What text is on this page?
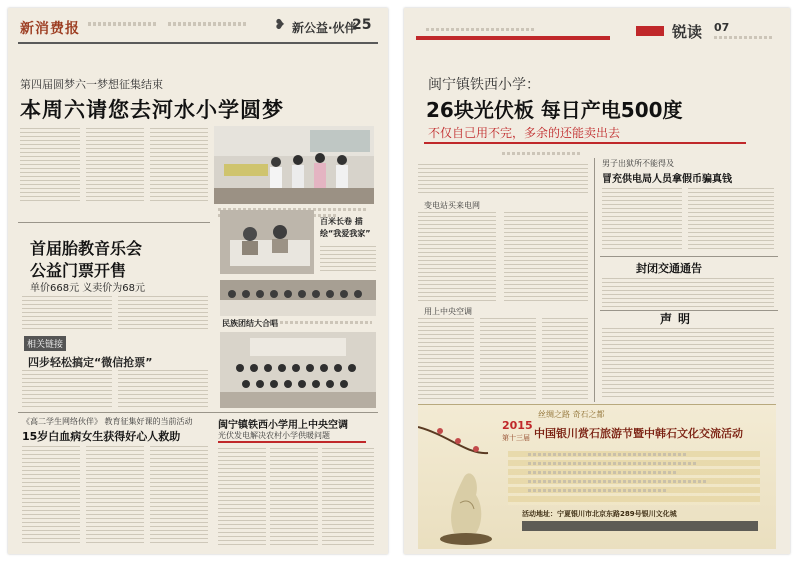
新消费报	❥ 新公益·伙伴
25
第四届圆梦六一梦想征集结束
本周六请您去河水小学圆梦
首届胎教音乐会
公益门票开售
单价668元 义卖价为68元
相关链接
四步轻松搞定“微信抢票”
百米长卷 描绘“我爱我家”
民族团结大合唱
《高二学生网络伙伴》 教育征集好课的当前活动
15岁白血病女生获得好心人救助
闽宁镇铁西小学用上中央空调
光伏发电解决农村小学供暖问题
锐读 07
闽宁镇铁西小学：
26块光伏板 每日产电500度
不仅自己用不完，多余的还能卖出去
变电站买来电网
用上中央空调
男子出狱所不能得及
冒充供电局人员拿假币骗真钱
封闭交通通告
声明
丝绸之路 奇石之都
2015
第十三届 中国银川赏石旅游节暨中韩石文化交流活动
活动地址：宁夏银川市北京东路289号银川文化城
